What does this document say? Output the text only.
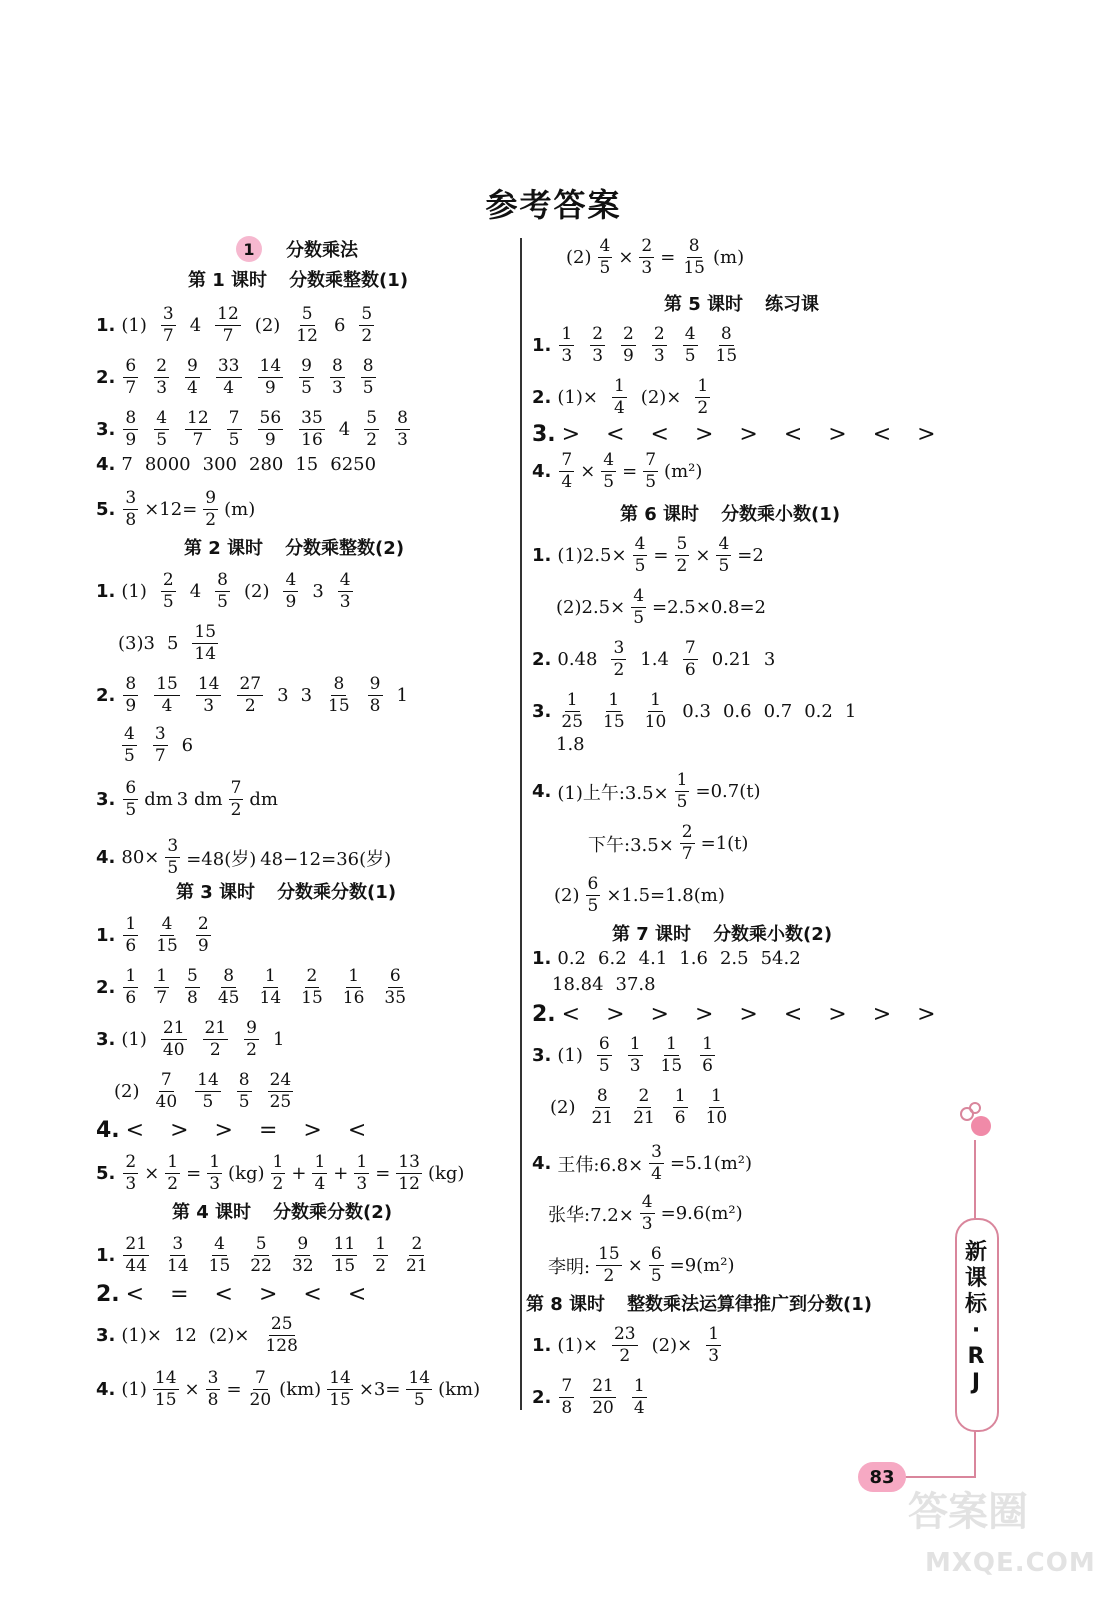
参考答案
1	分数乘法
第 1 课时 分数乘整数(1)
1. $(1) \frac{3}{7} 4 \frac{12}{7} (2) \frac{5}{12} 6 \frac{5}{2}$
2. $\frac{6}{7} \frac{2}{3} \frac{9}{4} \frac{33}{4} \frac{14}{9} \frac{9}{5} \frac{8}{3} \frac{8}{5}$
3. $\frac{8}{9} \frac{4}{5} \frac{12}{7} \frac{7}{5} \frac{56}{9} \frac{35}{16} 4 \frac{5}{2} \frac{8}{3}$
4. 7 8000 300 280 15 6250
5. $\frac{3}{8} \times 12= \frac{9}{2} (m)$
第 2 课时 分数乘整数(2)
1. $(1) \frac{2}{5} 4 \frac{8}{5} (2) \frac{4}{9} 3 \frac{4}{3}$
(3)3 $5 \frac{15}{14}$
2. $\frac{8}{9} \frac{15}{4} \frac{14}{3} \frac{27}{2} 3$ $3 \frac{8}{15} \frac{9}{8} 1$
$\frac{4}{5} \frac{3}{7} 6$
3. $\frac{6}{5}$ dm 3 dm $\frac{7}{2}$ dm
4. $80\times \frac{3}{5} =48$(岁) 48−12=36(岁)
第 3 课时 分数乘分数(1)
1. $\frac{1}{6} \frac{4}{15} \frac{2}{9}$
2. $\frac{1}{6} \frac{1}{7} \frac{5}{8} \frac{8}{45} \frac{1}{14} \frac{2}{15} \frac{1}{16} \frac{6}{35}$
3. $(1) \frac{21}{40} \frac{21}{2} \frac{9}{2} 1$
$(2) \frac{7}{40} \frac{14}{5} \frac{8}{5} \frac{24}{25}$
4. < > > = > <
5. $\frac{2}{3} \times \frac{1}{2} = \frac{1}{3} (kg) \frac{1}{2} + \frac{1}{4} + \frac{1}{3} = \frac{13}{12} (kg)$
第 4 课时 分数乘分数(2)
1. $\frac{21}{44} \frac{3}{14} \frac{4}{15} \frac{5}{22} \frac{9}{32} \frac{11}{15} \frac{1}{2} \frac{2}{21}$
2. < = < > < <
3. (1)× 12 $(2)\times \frac{25}{128}$
4. $(1) \frac{14}{15} \times \frac{3}{8} = \frac{7}{20} (km) \frac{14}{15} \times 3= \frac{14}{5} (km)$
$(2) \frac{4}{5} \times \frac{2}{3} = \frac{8}{15} (m)$
第 5 课时 练习课
1. $\frac{1}{3} \frac{2}{3} \frac{2}{9} \frac{2}{3} \frac{4}{5} \frac{8}{15}$
2. $(1)\times \frac{1}{4} (2)\times \frac{1}{2}$
3. > < < > > < > < >
4. $\frac{7}{4} \times \frac{4}{5} = \frac{7}{5} (m^2)$
第 6 课时 分数乘小数(1)
1. $(1)2.5\times \frac{4}{5} = \frac{5}{2} \times \frac{4}{5} =2$
$(2)2.5\times \frac{4}{5} =2.5\times 0.8=2$
2. $0.48 \frac{3}{2} 1.4 \frac{7}{6} 0.21$ 3
3. $\frac{1}{25} \frac{1}{15} \frac{1}{10} 0.3$ 0.6 0.7 0.2 1
1.8
4. (1)上午:3.5× $\frac{1}{5} =0.7(t)$
下午:3.5× $\frac{2}{7} =1(t)$
$(2) \frac{6}{5} \times 1.5=1.8(m)$
第 7 课时 分数乘小数(2)
1. 0.2 6.2 4.1 1.6 2.5 54.2
18.84 37.8
2. < > > > > < > > >
3. $(1) \frac{6}{5} \frac{1}{3} \frac{1}{15} \frac{1}{6}$
$(2) \frac{8}{21} \frac{2}{21} \frac{1}{6} \frac{1}{10}$
4. 王伟:6.8× $\frac{3}{4} =5.1(m^2)$
张华:7.2× $\frac{4}{3} =9.6(m^2)$
李明: $\frac{15}{2} \times \frac{6}{5} =9(m^2)$
第 8 课时 整数乘法运算律推广到分数(1)
1. $(1)\times \frac{23}{2} (2)\times \frac{1}{3}$
2. $\frac{7}{8} \frac{21}{20} \frac{1}{4}$
新
课
标
·
R
J
83
答案圈
MXQE.COM
